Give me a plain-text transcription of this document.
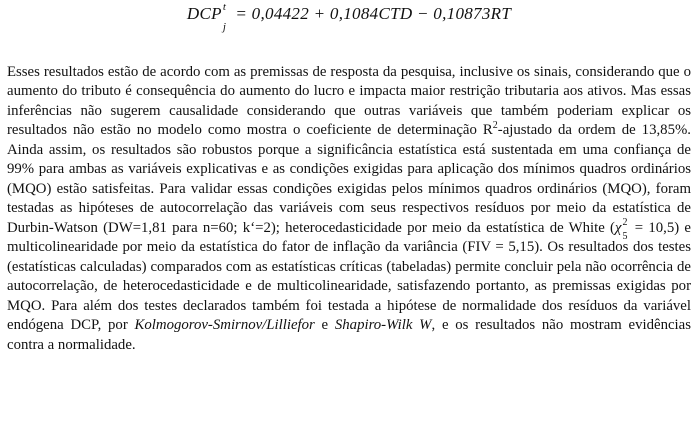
DCP t
j
= 0,04422 + 0,1084CTD − 0,10873RT

Esses resultados estão de acordo com as premissas de resposta da pesquisa, inclusive os sinais, considerando que o aumento do tributo é consequência do aumento do lucro e impacta maior restrição tributaria aos ativos. Mas essas inferências não sugerem causalidade considerando que outras variáveis que também poderiam explicar os resultados não estão no modelo como mostra o coeficiente de determinação $R^2$-ajustado da ordem de 13,85%. Ainda assim, os resultados são robustos porque a significância estatística está sustentada em uma confiança de 99% para ambas as variáveis explicativas e as condições exigidas para aplicação dos mínimos quadros ordinários (MQO) estão satisfeitas. Para validar essas condições exigidas pelos mínimos quadros ordinários (MQO), foram testadas as hipóteses de autocorrelação das variáveis com seus respectivos resíduos por meio da estatística de Durbin-Watson (DW=1,81 para n=60; k‘=2); heterocedasticidade por meio da estatística de White (χ 2
5
= 10,5) e multicolinearidade por meio da estatística do fator de inflação da variância (FIV = 5,15). Os resultados dos testes (estatísticas calculadas) comparados com as estatísticas críticas (tabeladas) permite concluir pela não ocorrência de autocorrelação, de heterocedasticidade e de multicolinearidade, satisfazendo portanto, as premissas exigidas por MQO. Para além dos testes declarados também foi testada a hipótese de normalidade dos resíduos da variável endógena DCP, por Kolmogorov-Smirnov/Lilliefor e Shapiro-Wilk W, e os resultados não mostram evidências contra a normalidade.
